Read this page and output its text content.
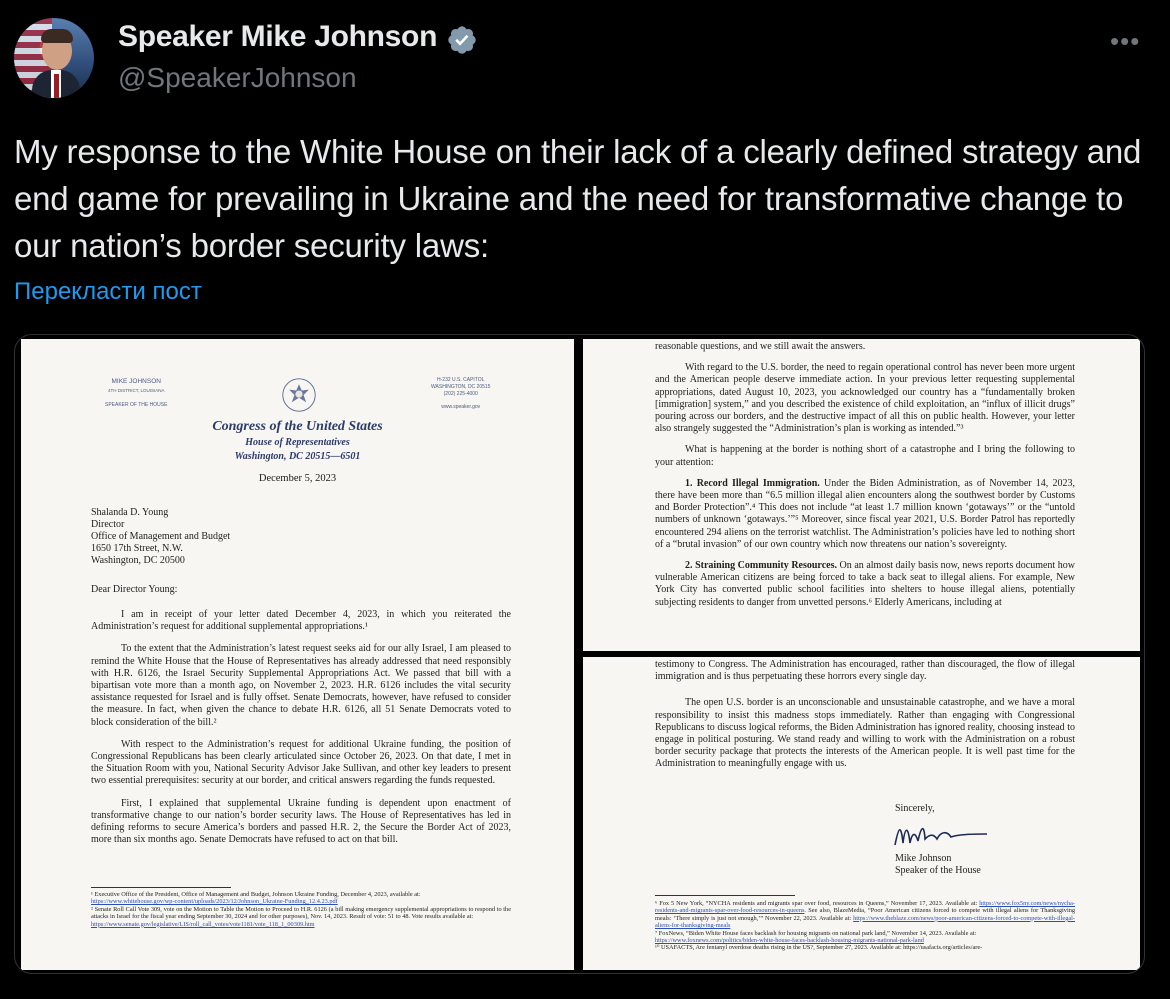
Speaker Mike Johnson
@SpeakerJohnson
•••
My response to the White House on their lack of a clearly defined strategy and end game for prevailing in Ukraine and the need for transformative change to our nation’s border security laws:
Перекласти пост
MIKE JOHNSON
4TH DISTRICT, LOUISIANA
SPEAKER OF THE HOUSE
H-232 U.S. CAPITOL
WASHINGTON, DC 20515
(202) 225-4000
www.speaker.gov
Congress of the United States
House of Representatives
Washington, DC 20515—6501
December 5, 2023
Shalanda D. Young
Director
Office of Management and Budget
1650 17th Street, N.W.
Washington, DC 20500
Dear Director Young:

I am in receipt of your letter dated December 4, 2023, in which you reiterated the Administration’s request for additional supplemental appropriations.¹

To the extent that the Administration’s latest request seeks aid for our ally Israel, I am pleased to remind the White House that the House of Representatives has already addressed that need responsibly with H.R. 6126, the Israel Security Supplemental Appropriations Act. We passed that bill with a bipartisan vote more than a month ago, on November 2, 2023. H.R. 6126 includes the vital security assistance requested for Israel and is fully offset. Senate Democrats, however, have refused to consider the measure. In fact, when given the chance to debate H.R. 6126, all 51 Senate Democrats voted to block consideration of the bill.²

With respect to the Administration’s request for additional Ukraine funding, the position of Congressional Republicans has been clearly articulated since October 26, 2023. On that date, I met in the Situation Room with you, National Security Advisor Jake Sullivan, and other key leaders to present two essential prerequisites: security at our border, and critical answers regarding the funds requested.

First, I explained that supplemental Ukraine funding is dependent upon enactment of transformative change to our nation’s border security laws. The House of Representatives has led in defining reforms to secure America’s borders and passed H.R. 2, the Secure the Border Act of 2023, more than six months ago. Senate Democrats have refused to act on that bill.

¹ Executive Office of the President, Office of Management and Budget, Johnson Ukraine Funding, December 4, 2023, available at:
https://www.whitehouse.gov/wp-content/uploads/2023/12/Johnson_Ukraine-Funding_12.4.23.pdf
² Senate Roll Call Vote 309, vote on the Motion to Table the Motion to Proceed to H.R. 6126 (a bill making emergency supplemental appropriations to respond to the attacks in Israel for the fiscal year ending September 30, 2024 and for other purposes), Nov. 14, 2023. Result of vote: 51 to 48. Vote results available at:
https://www.senate.gov/legislative/LIS/roll_call_votes/vote1181/vote_118_1_00309.htm

reasonable questions, and we still await the answers.

With regard to the U.S. border, the need to regain operational control has never been more urgent and the American people deserve immediate action. In your previous letter requesting supplemental appropriations, dated August 10, 2023, you acknowledged our country has a “fundamentally broken [immigration] system,” and you described the existence of child exploitation, an “influx of illicit drugs” pouring across our borders, and the destructive impact of all this on public health. However, your letter also strangely suggested the “Administration’s plan is working as intended.”³

What is happening at the border is nothing short of a catastrophe and I bring the following to your attention:

1. Record Illegal Immigration. Under the Biden Administration, as of November 14, 2023, there have been more than “6.5 million illegal alien encounters along the southwest border by Customs and Border Protection”.⁴ This does not include “at least 1.7 million known ‘gotaways’” or the “untold numbers of unknown ‘gotaways.’”⁵ Moreover, since fiscal year 2021, U.S. Border Patrol has reportedly encountered 294 aliens on the terrorist watchlist. The Administration’s policies have led to nothing short of a “brutal invasion” of our own country which now threatens our nation’s sovereignty.

2. Straining Community Resources. On an almost daily basis now, news reports document how vulnerable American citizens are being forced to take a back seat to illegal aliens. For example, New York City has converted public school facilities into shelters to house illegal aliens, potentially subjecting residents to danger from unvetted persons.⁶ Elderly Americans, including at

testimony to Congress. The Administration has encouraged, rather than discouraged, the flow of illegal immigration and is thus perpetuating these horrors every single day.

The open U.S. border is an unconscionable and unsustainable catastrophe, and we have a moral responsibility to insist this madness stops immediately. Rather than engaging with Congressional Republicans to discuss logical reforms, the Biden Administration has ignored reality, choosing instead to engage in political posturing. We stand ready and willing to work with the Administration on a robust border security package that protects the interests of the American people. It is well past time for the Administration to meaningfully engage with us.

Sincerely,
Mike Johnson
Speaker of the House
⁶ Fox 5 New York, “NYCHA residents and migrants spar over food, resources in Queens,” November 17, 2023. Available at: https://www.fox5ny.com/news/nycha-residents-and-migrants-spar-over-food-resources-in-queens. See also, BlazeMedia, “Poor American citizens forced to compete with illegal aliens for Thanksgiving meals: ‘There simply is just not enough,’” November 22, 2023. Available at: https://www.theblaze.com/news/poor-american-citizens-forced-to-compete-with-illegal-aliens-for-thanksgiving-meals
⁷ FoxNews, “Biden White House faces backlash for housing migrants on national park land,” November 14, 2023. Available at:
https://www.foxnews.com/politics/biden-white-house-faces-backlash-housing-migrants-national-park-land
¹⁰ USAFACTS, Are fentanyl overdose deaths rising in the US?, September 27, 2023. Available at: https://usafacts.org/articles/are-
